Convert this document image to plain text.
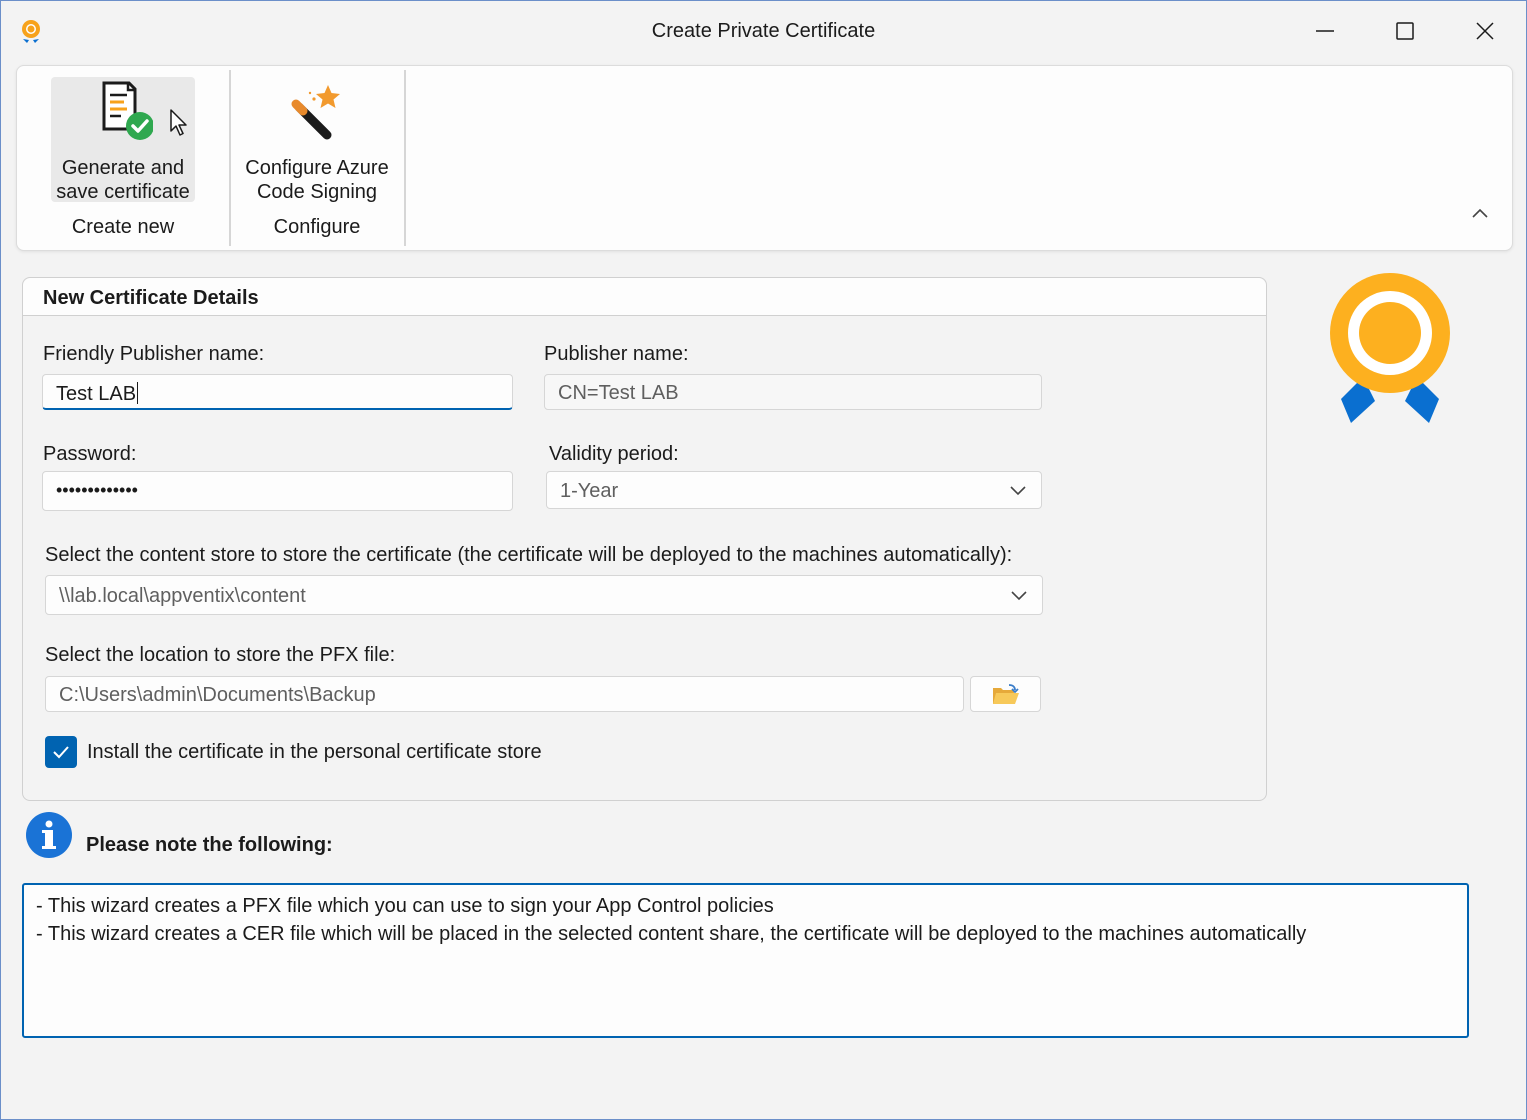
Create Private Certificate
Generate and
save certificate
Create new
Configure Azure
Code Signing
Configure
New Certificate Details
Friendly Publisher name:
Test LAB
Publisher name:
CN=Test LAB
Password:
•••••••••••••
Validity period:
1-Year
Select the content store to store the certificate (the certificate will be deployed to the machines automatically):
\\lab.local\appventix\content
Select the location to store the PFX file:
C:\Users\admin\Documents\Backup
Install the certificate in the personal certificate store
Please note the following:
- This wizard creates a PFX file which you can use to sign your App Control policies
- This wizard creates a CER file which will be placed in the selected content share, the certificate will be deployed to the machines automatically
